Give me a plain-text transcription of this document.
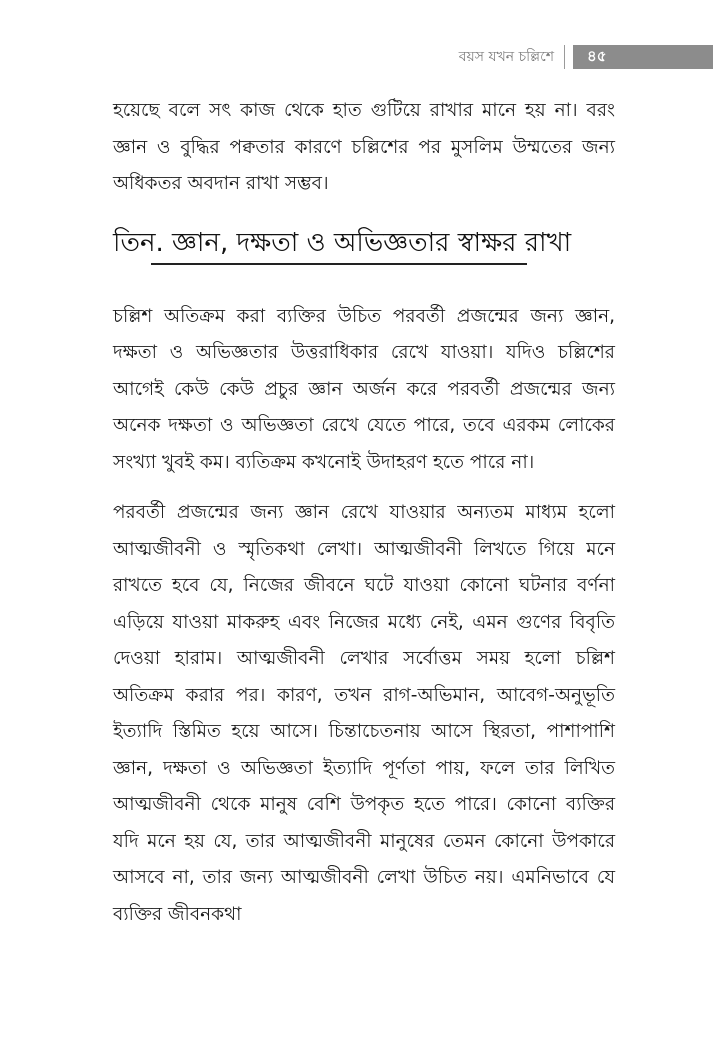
বয়স যখন চল্লিশে	৪৫

হয়েছে বলে সৎ কাজ থেকে হাত গুটিয়ে রাখার মানে হয় না। বরং জ্ঞান ও বুদ্ধির পক্বতার কারণে চল্লিশের পর মুসলিম উম্মতের জন্য অধিকতর অবদান রাখা সম্ভব।

তিন. জ্ঞান, দক্ষতা ও অভিজ্ঞতার স্বাক্ষর রাখা

চল্লিশ অতিক্রম করা ব্যক্তির উচিত পরবর্তী প্রজন্মের জন্য জ্ঞান, দক্ষতা ও অভিজ্ঞতার উত্তরাধিকার রেখে যাওয়া। যদিও চল্লিশের আগেই কেউ কেউ প্রচুর জ্ঞান অর্জন করে পরবর্তী প্রজন্মের জন্য অনেক দক্ষতা ও অভিজ্ঞতা রেখে যেতে পারে, তবে এরকম লোকের সংখ্যা খুবই কম। ব্যতিক্রম কখনোই উদাহরণ হতে পারে না।

পরবর্তী প্রজন্মের জন্য জ্ঞান রেখে যাওয়ার অন্যতম মাধ্যম হলো আত্মজীবনী ও স্মৃতিকথা লেখা। আত্মজীবনী লিখতে গিয়ে মনে রাখতে হবে যে, নিজের জীবনে ঘটে যাওয়া কোনো ঘটনার বর্ণনা এড়িয়ে যাওয়া মাকরুহ এবং নিজের মধ্যে নেই, এমন গুণের বিবৃতি দেওয়া হারাম। আত্মজীবনী লেখার সর্বোত্তম সময় হলো চল্লিশ অতিক্রম করার পর। কারণ, তখন রাগ-অভিমান, আবেগ-অনুভূতি ইত্যাদি স্তিমিত হয়ে আসে। চিন্তাচেতনায় আসে স্থিরতা, পাশাপাশি জ্ঞান, দক্ষতা ও অভিজ্ঞতা ইত্যাদি পূর্ণতা পায়, ফলে তার লিখিত আত্মজীবনী থেকে মানুষ বেশি উপকৃত হতে পারে। কোনো ব্যক্তির যদি মনে হয় যে, তার আত্মজীবনী মানুষের তেমন কোনো উপকারে আসবে না, তার জন্য আত্মজীবনী লেখা উচিত নয়। এমনিভাবে যে ব্যক্তির জীবনকথা
